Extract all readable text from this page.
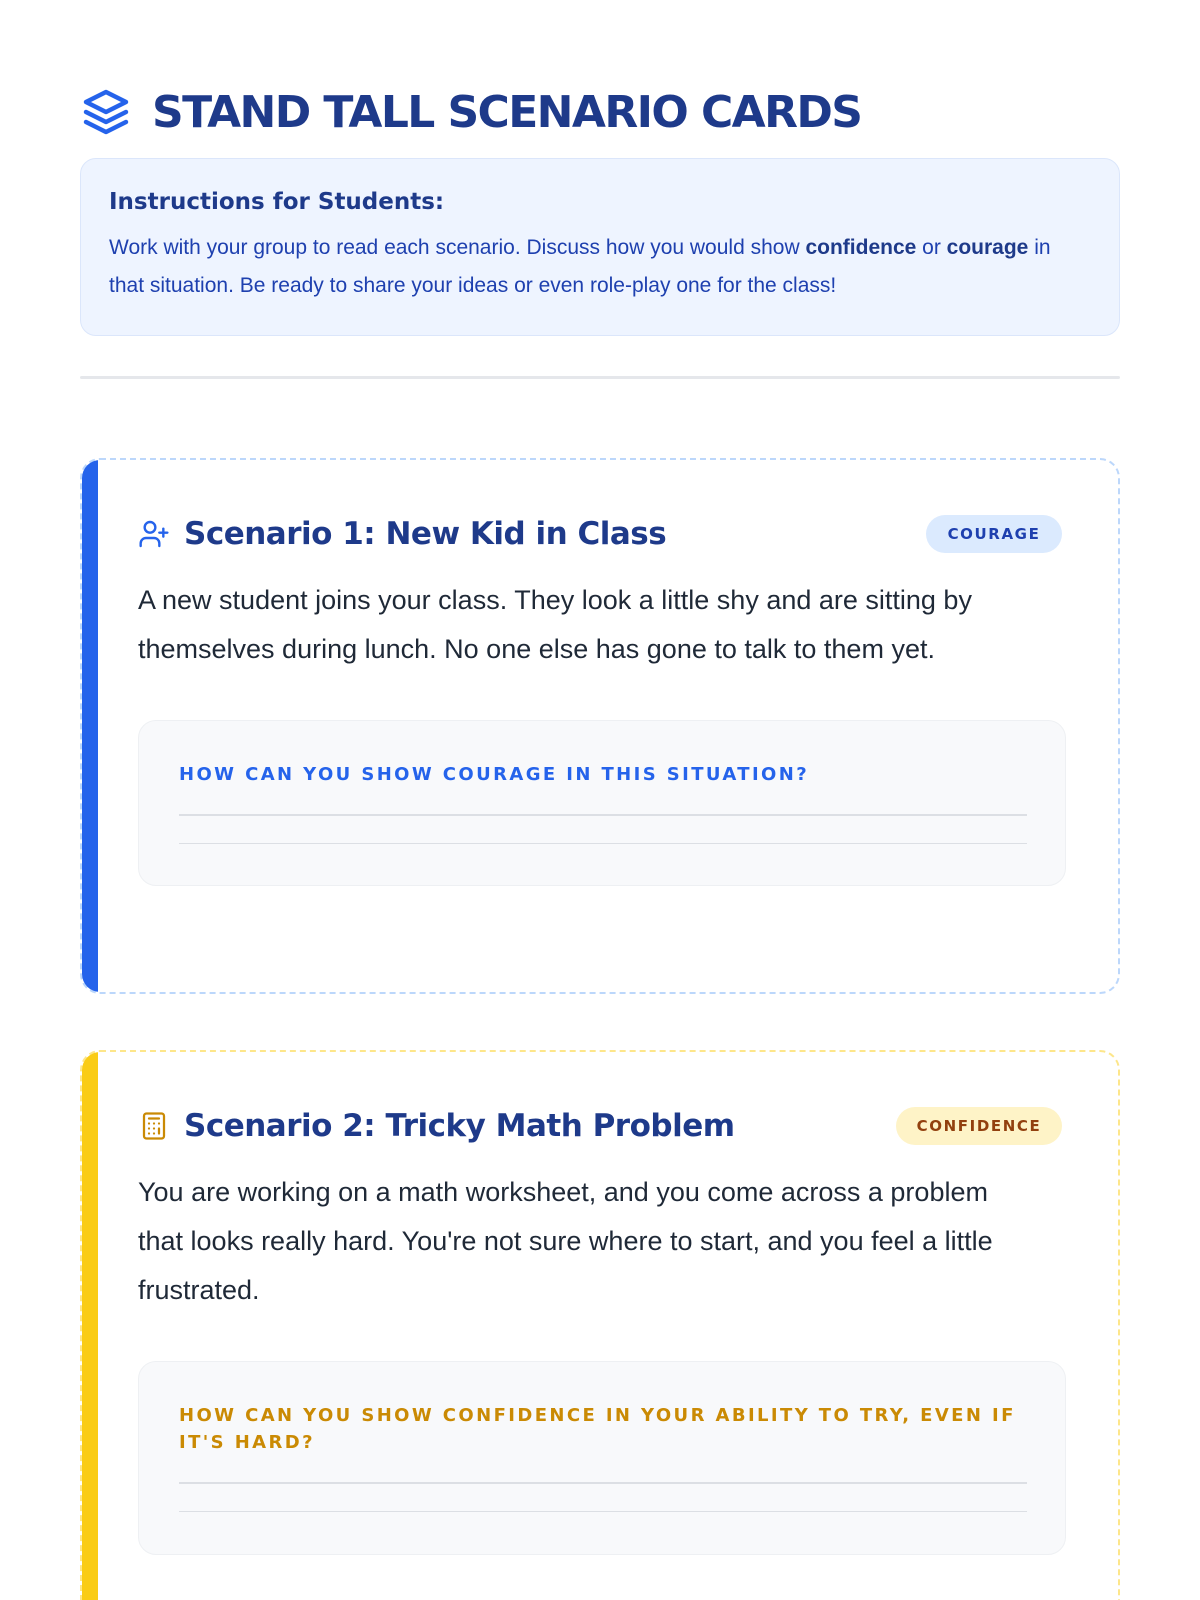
STAND TALL SCENARIO CARDS
Instructions for Students:

Work with your group to read each scenario. Discuss how you would show confidence or courage in that situation. Be ready to share your ideas or even role-play one for the class!

Scenario 1: New Kid in Class	COURAGE

A new student joins your class. They look a little shy and are sitting by themselves during lunch. No one else has gone to talk to them yet.

HOW CAN YOU SHOW COURAGE IN THIS SITUATION?
Scenario 2: Tricky Math Problem	CONFIDENCE

You are working on a math worksheet, and you come across a problem that looks really hard. You're not sure where to start, and you feel a little frustrated.

HOW CAN YOU SHOW CONFIDENCE IN YOUR ABILITY TO TRY, EVEN IF IT'S HARD?
